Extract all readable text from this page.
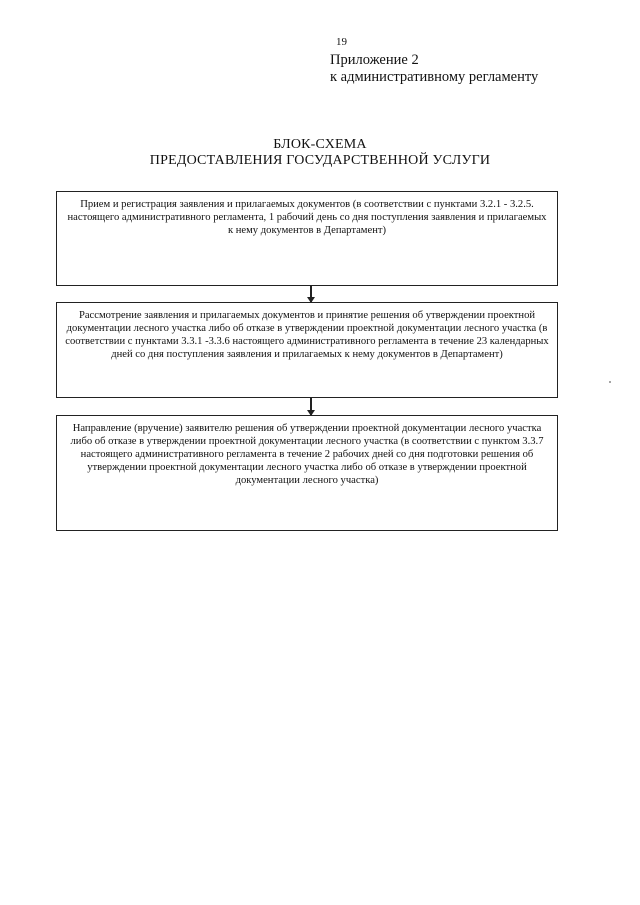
19
Приложение 2
к административному регламенту
БЛОК-СХЕМА
ПРЕДОСТАВЛЕНИЯ ГОСУДАРСТВЕННОЙ УСЛУГИ
Прием и регистрация заявления и прилагаемых документов (в соответствии с пунктами 3.2.1 - 3.2.5. настоящего административного регламента, 1 рабочий день со дня поступления заявления и прилагаемых к нему документов в Департамент)
Рассмотрение заявления и прилагаемых документов и принятие решения об утверждении проектной документации лесного участка либо об отказе в утверждении проектной документации лесного участка (в соответствии с пунктами 3.3.1 -3.3.6 настоящего административного регламента в течение 23 календарных дней со дня поступления заявления и прилагаемых к нему документов в Департамент)
Направление (вручение) заявителю решения об утверждении проектной документации лесного участка либо об отказе в утверждении проектной документации лесного участка (в соответствии с пунктом 3.3.7 настоящего административного регламента в течение 2 рабочих дней со дня подготовки решения об утверждении проектной документации лесного участка либо об отказе в утверждении проектной документации лесного участка)
